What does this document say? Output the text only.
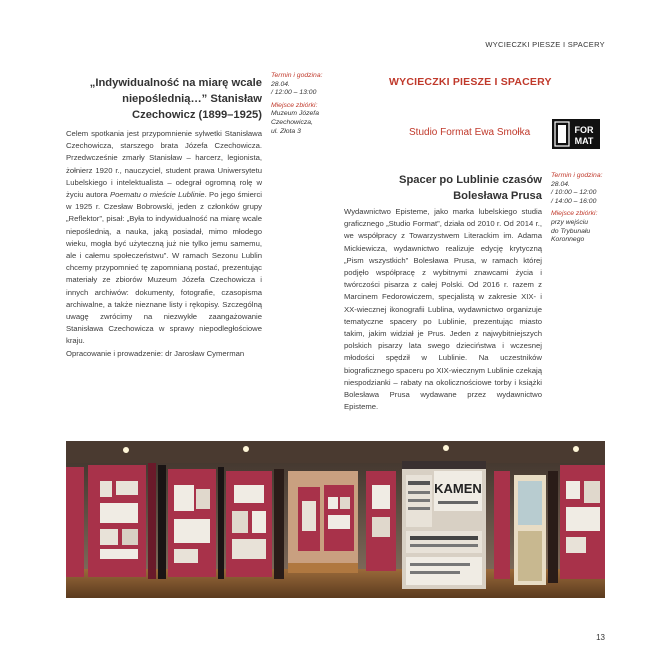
WYCIECZKI PIESZE I SPACERY
„Indywidualność na miarę wcale niepoślednią…” Stanisław Czechowicz (1899–1925)
Termin i godzina:
28.04.
/ 12:00 – 13:00
Miejsce zbiórki:
Muzeum Józefa
Czechowicza,
ul. Złota 3

Celem spotkania jest przypomnienie sylwetki Stanisława Czechowicza, starszego brata Józefa Czechowicza. Przedwcześnie zmarły Stanisław – harcerz, legionista, żołnierz 1920 r., nauczyciel, student prawa Uniwersytetu Lubelskiego i intelektualista – odegrał ogromną rolę w życiu autora Poematu o mieście Lublinie. Po jego śmierci w 1925 r. Czesław Bobrowski, jeden z członków grupy „Reflektor”, pisał: „Była to indywidualność na miarę wcale niepoślednią, a nauka, jaką posiadał, mimo młodego wieku, mogła być użyteczną już nie tylko jemu samemu, ale i całemu społeczeństwu”. W ramach Sezonu Lublin chcemy przypomnieć tę zapomnianą postać, prezentując materiały ze zbiorów Muzeum Józefa Czechowicza i innych archiwów: dokumenty, fotografie, czasopisma archiwalne, a także nieznane listy i rękopisy. Szczególną uwagę zwrócimy na niezwykłe zaangażowanie Stanisława Czechowicza w sprawy niepodległościowe kraju.

Opracowanie i prowadzenie: dr Jarosław Cymerman

WYCIECZKI PIESZE I SPACERY
Studio Format Ewa Smołka	FOR
MAT
Spacer po Lublinie czasów Bolesława Prusa
Termin i godzina:
28.04.
/ 10:00 – 12:00
/ 14:00 – 16:00
Miejsce zbiórki:
przy wejściu
do Trybunału
Koronnego

Wydawnictwo Episteme, jako marka lubelskiego studia graficznego „Studio Format”, działa od 2010 r. Od 2014 r., we współpracy z Towarzystwem Literackim im. Adama Mickiewicza, wydawnictwo realizuje edycję krytyczną „Pism wszystkich” Bolesława Prusa, w ramach której podjęło współpracę z wybitnymi znawcami życia i twórczości pisarza z całej Polski. Od 2016 r. razem z Marcinem Fedorowiczem, specjalistą w zakresie XIX- i XX-wiecznej ikonografii Lublina, wydawnictwo organizuje tematyczne spacery po Lublinie, prezentując miasto takim, jakim widział je Prus. Jeden z najwybitniejszych polskich pisarzy lata swego dzieciństwa i wczesnej młodości spędził w Lublinie. Na uczestników biograficznego spaceru po XIX-wiecznym Lublinie czekają niespodzianki – rabaty na okolicznościowe torby i książki Bolesława Prusa wydawane przez wydawnictwo Episteme.

KAMEN
13
